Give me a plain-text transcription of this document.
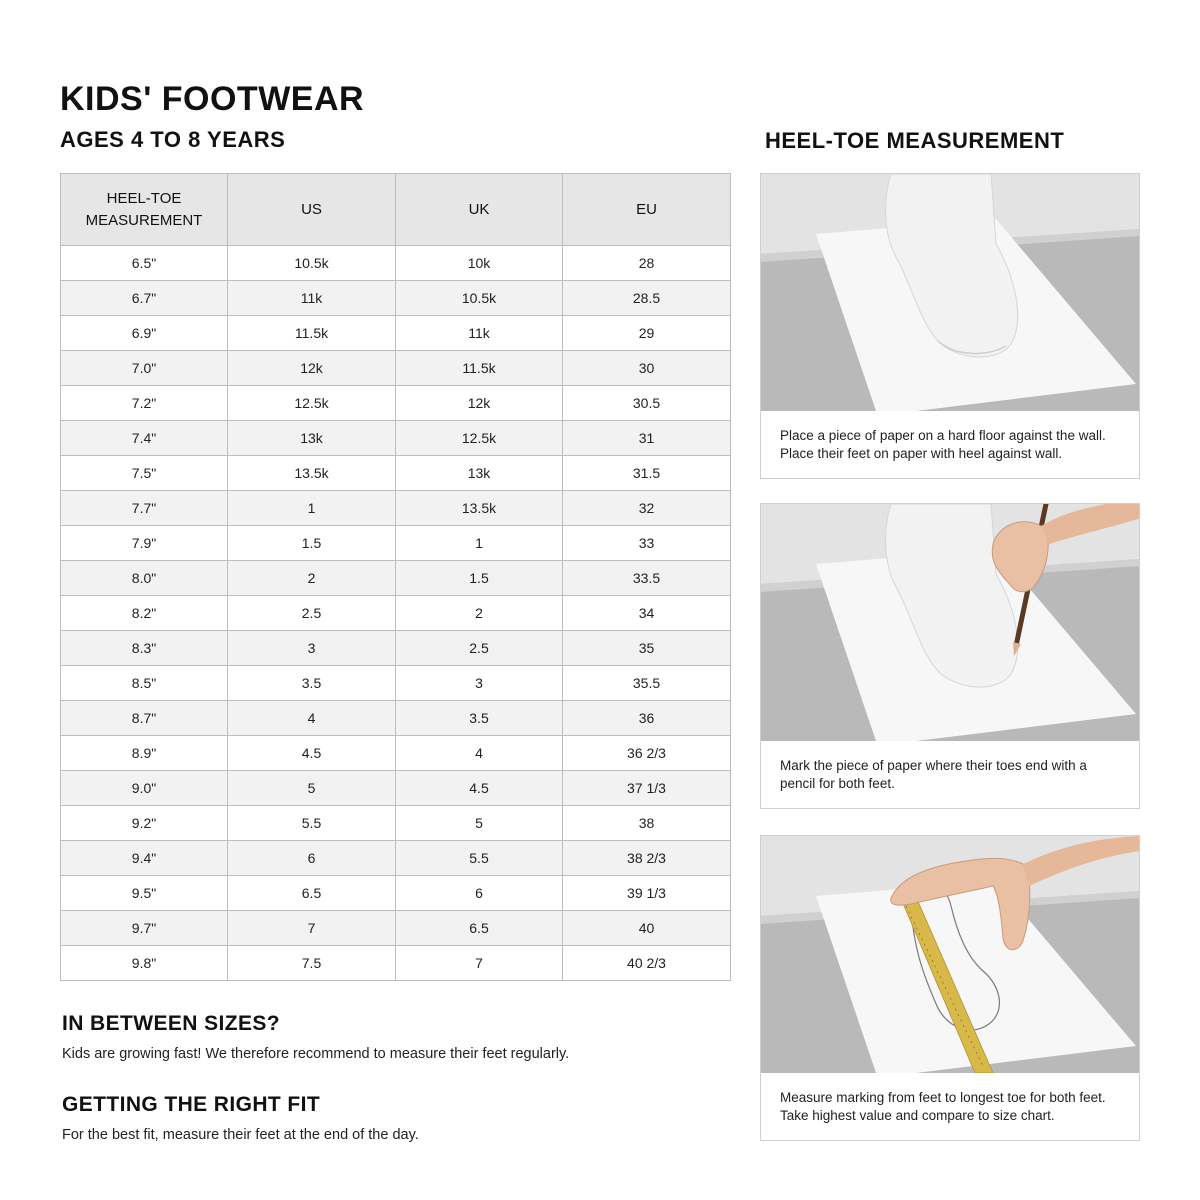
KIDS' FOOTWEAR
AGES 4 TO 8 YEARS	HEEL-TOE MEASUREMENT
HEEL-TOE MEASUREMENT	US	UK	EU
6.5"	10.5k	10k	28
6.7"	11k	10.5k	28.5
6.9"	11.5k	11k	29
7.0"	12k	11.5k	30
7.2"	12.5k	12k	30.5
7.4"	13k	12.5k	31
7.5"	13.5k	13k	31.5
7.7"	1	13.5k	32
7.9"	1.5	1	33
8.0"	2	1.5	33.5
8.2"	2.5	2	34
8.3"	3	2.5	35
8.5"	3.5	3	35.5
8.7"	4	3.5	36
8.9"	4.5	4	36 2/3
9.0"	5	4.5	37 1/3
9.2"	5.5	5	38
9.4"	6	5.5	38 2/3
9.5"	6.5	6	39 1/3
9.7"	7	6.5	40
9.8"	7.5	7	40 2/3
IN BETWEEN SIZES?
Kids are growing fast! We therefore recommend to measure their feet regularly.
GETTING THE RIGHT FIT
For the best fit, measure their feet at the end of the day.
Place a piece of paper on a hard floor against the wall. Place their feet on paper with heel against wall.
Mark the piece of paper where their toes end with a pencil for both feet.
Measure marking from feet to longest toe for both feet. Take highest value and compare to size chart.
